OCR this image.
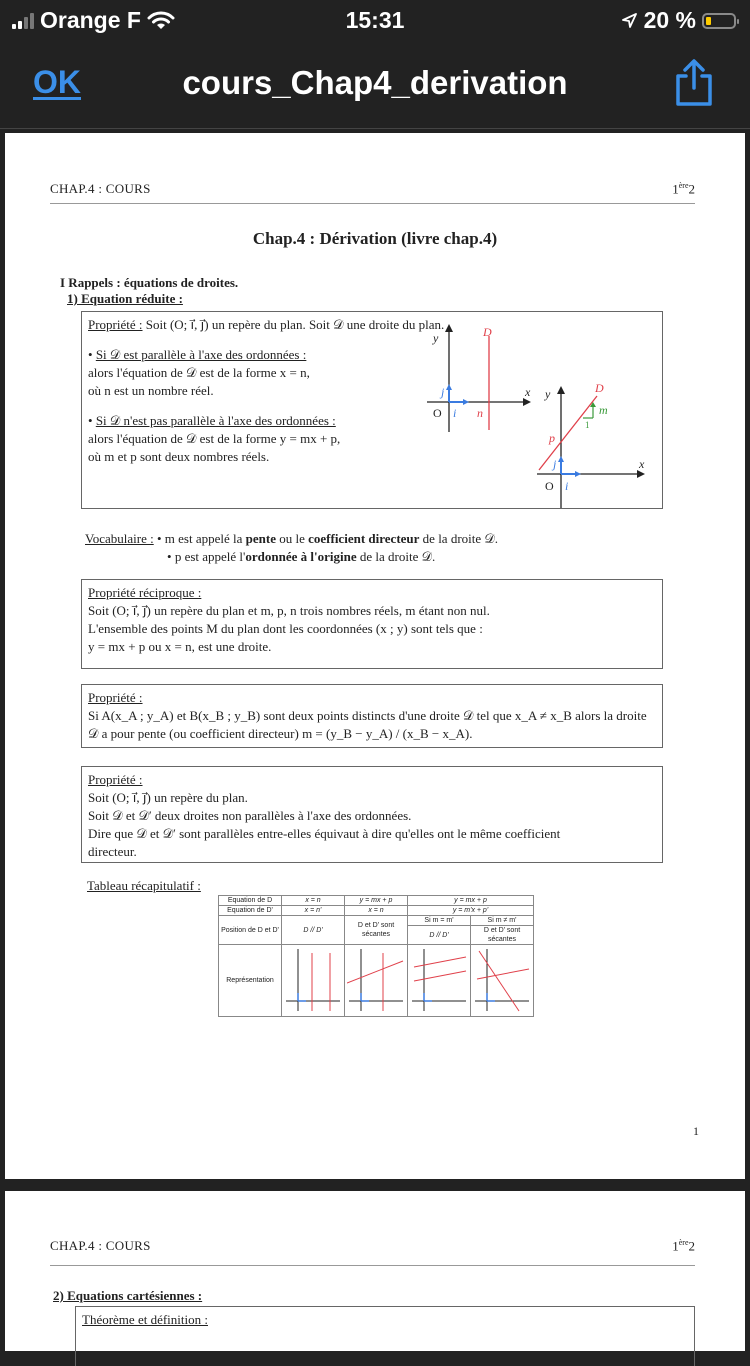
Orange F	15:31	20 %
cours_Chap4_derivation
OK
CHAP.4 : COURS	1ère2
Chap.4 : Dérivation (livre chap.4)
I Rappels : équations de droites.
1) Equation réduite :

Propriété : Soit (O; i⃗, j⃗) un repère du plan. Soit 𝒟 une droite du plan.

• Si 𝒟 est parallèle à l'axe des ordonnées :

alors l'équation de 𝒟 est de la forme x = n,

où n est un nombre réel.

• Si 𝒟 n'est pas parallèle à l'axe des ordonnées :

alors l'équation de 𝒟 est de la forme y = mx + p,

où m et p sont deux nombres réels.

y	D
x
O i
j
n
y	D
x
O i
j
p
m
1
Vocabulaire : • m est appelé la pente ou le coefficient directeur de la droite 𝒟.
• p est appelé l'ordonnée à l'origine de la droite 𝒟.

Propriété réciproque :

Soit (O; i⃗, j⃗) un repère du plan et m, p, n trois nombres réels, m étant non nul.

L'ensemble des points M du plan dont les coordonnées (x ; y) sont tels que :

y = mx + p ou x = n, est une droite.

Propriété :

Si A(x_A ; y_A) et B(x_B ; y_B) sont deux points distincts d'une droite 𝒟 tel que x_A ≠ x_B alors la droite

𝒟 a pour pente (ou coefficient directeur) m = (y_B − y_A) / (x_B − x_A).

Propriété :

Soit (O; i⃗, j⃗) un repère du plan.

Soit 𝒟 et 𝒟′ deux droites non parallèles à l'axe des ordonnées.

Dire que 𝒟 et 𝒟′ sont parallèles entre-elles équivaut à dire qu'elles ont le même coefficient

directeur.

Tableau récapitulatif :
Equation de D	x = n	y = mx + p	y = mx + p	
Equation de D'	x = n'	x = n	y = m'x + p'	
Position de D et D'	D // D'	D et D' sont sécantes	Si m = m'	Si m ≠ m'
			D // D'	D et D' sont sécantes
Représentation				
1
CHAP.4 : COURS	1ère2
2) Equations cartésiennes :

Théorème et définition :
